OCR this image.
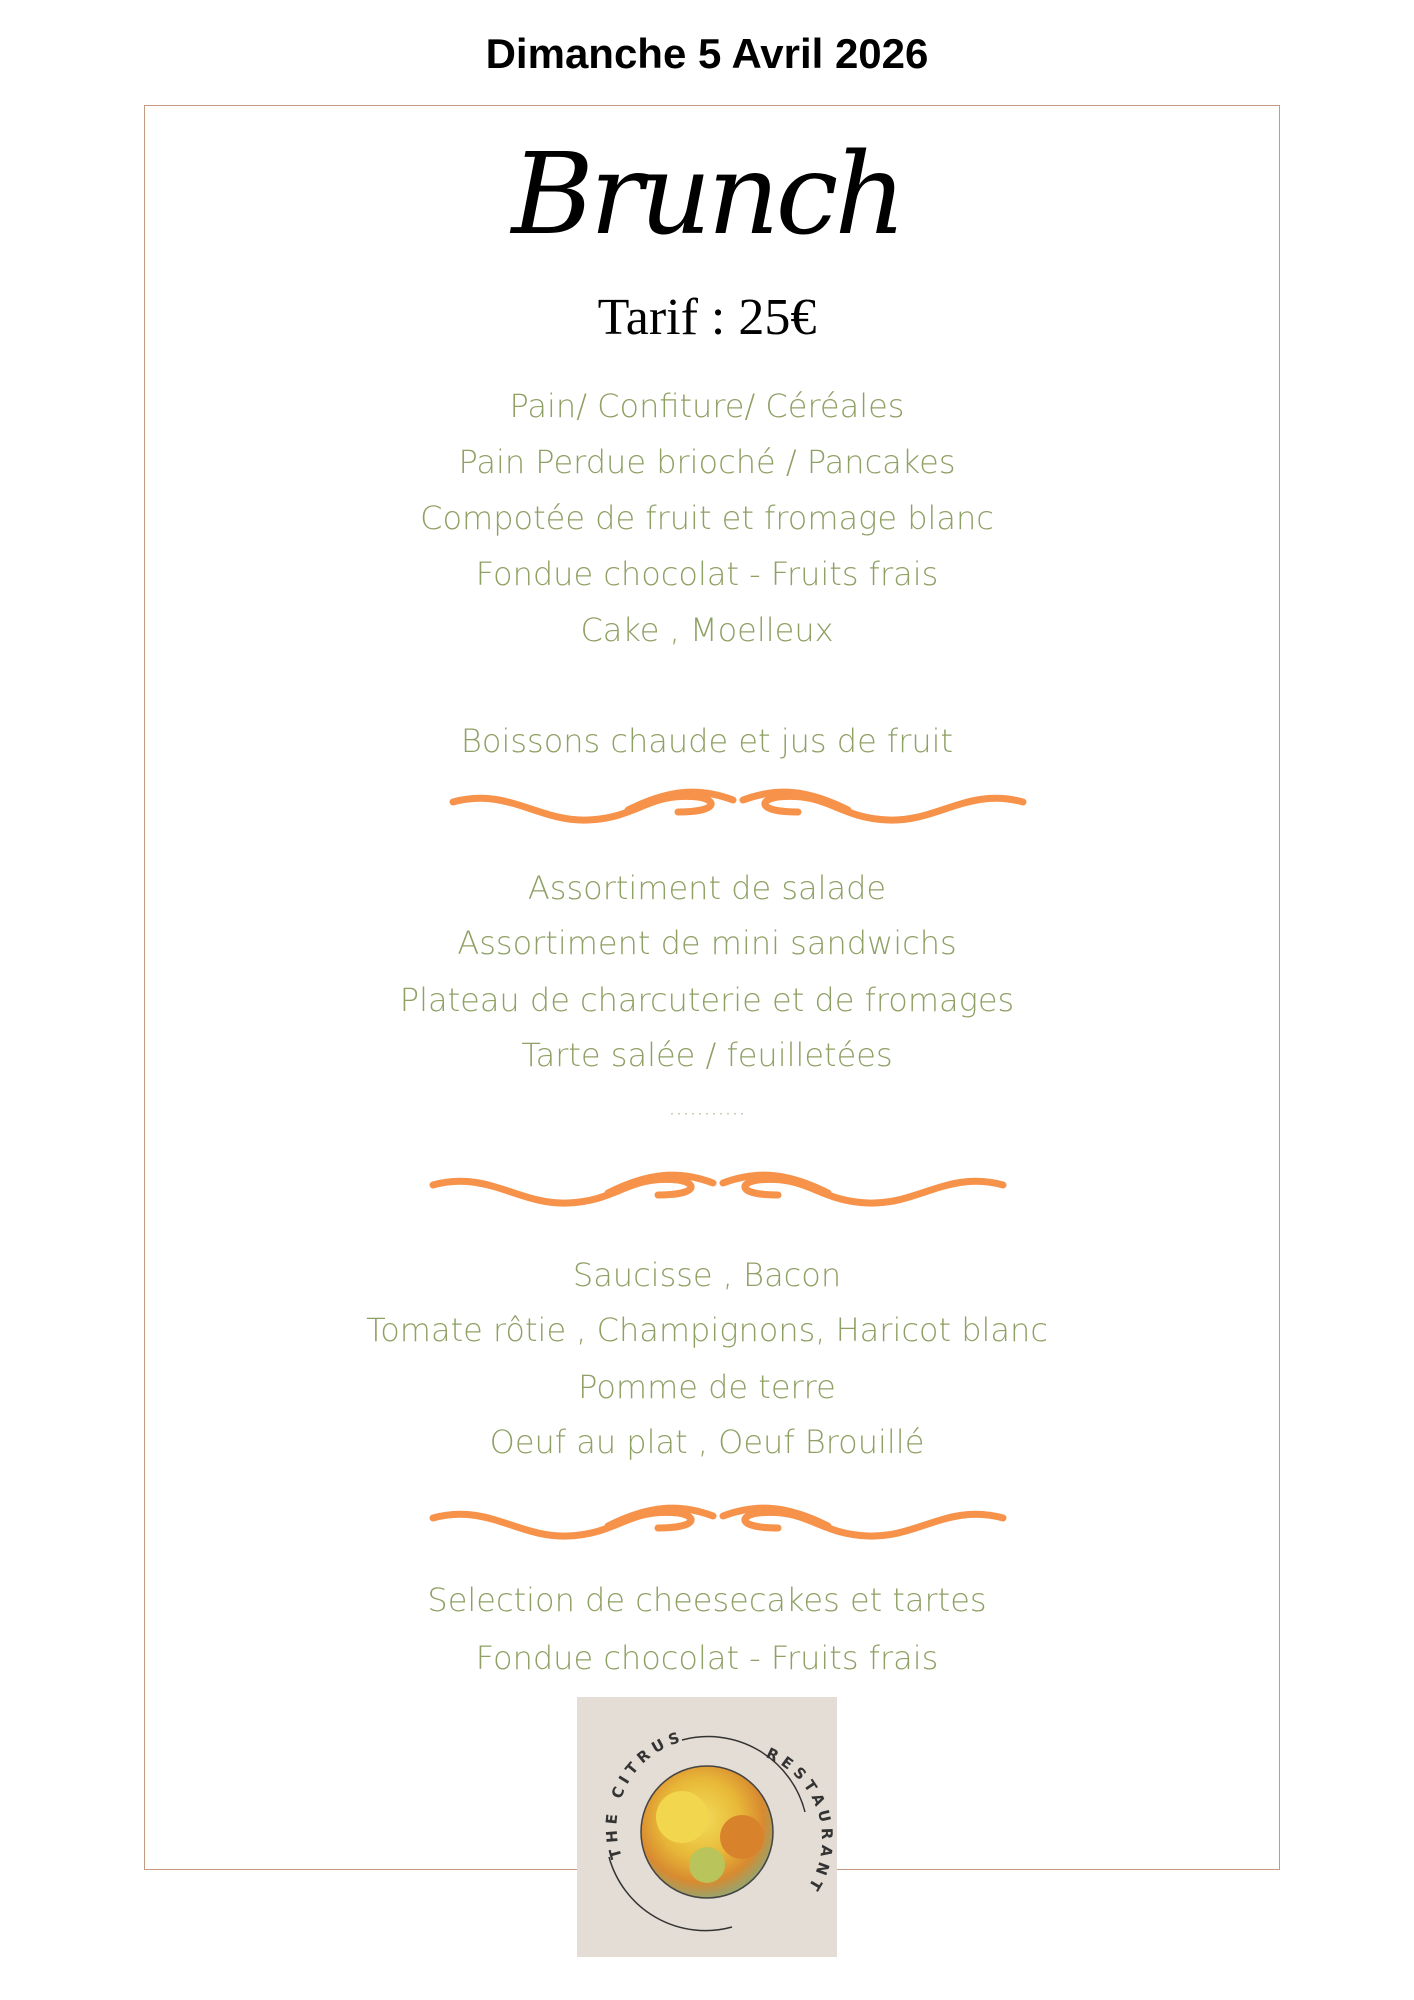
Dimanche 5 Avril 2026
Brunch
Tarif : 25€
Pain/ Confiture/ Céréales
Pain Perdue brioché / Pancakes
Compotée de fruit et fromage blanc
Fondue chocolat - Fruits frais
Cake , Moelleux
Boissons chaude et jus de fruit
Assortiment de salade
Assortiment de mini sandwichs
Plateau de charcuterie et de fromages
Tarte salée / feuilletées
...........
Saucisse , Bacon
Tomate rôtie , Champignons, Haricot blanc
Pomme de terre
Oeuf au plat , Oeuf Brouillé
Selection de cheesecakes et tartes
Fondue chocolat - Fruits frais
THE CITRUS
RESTAURANT
